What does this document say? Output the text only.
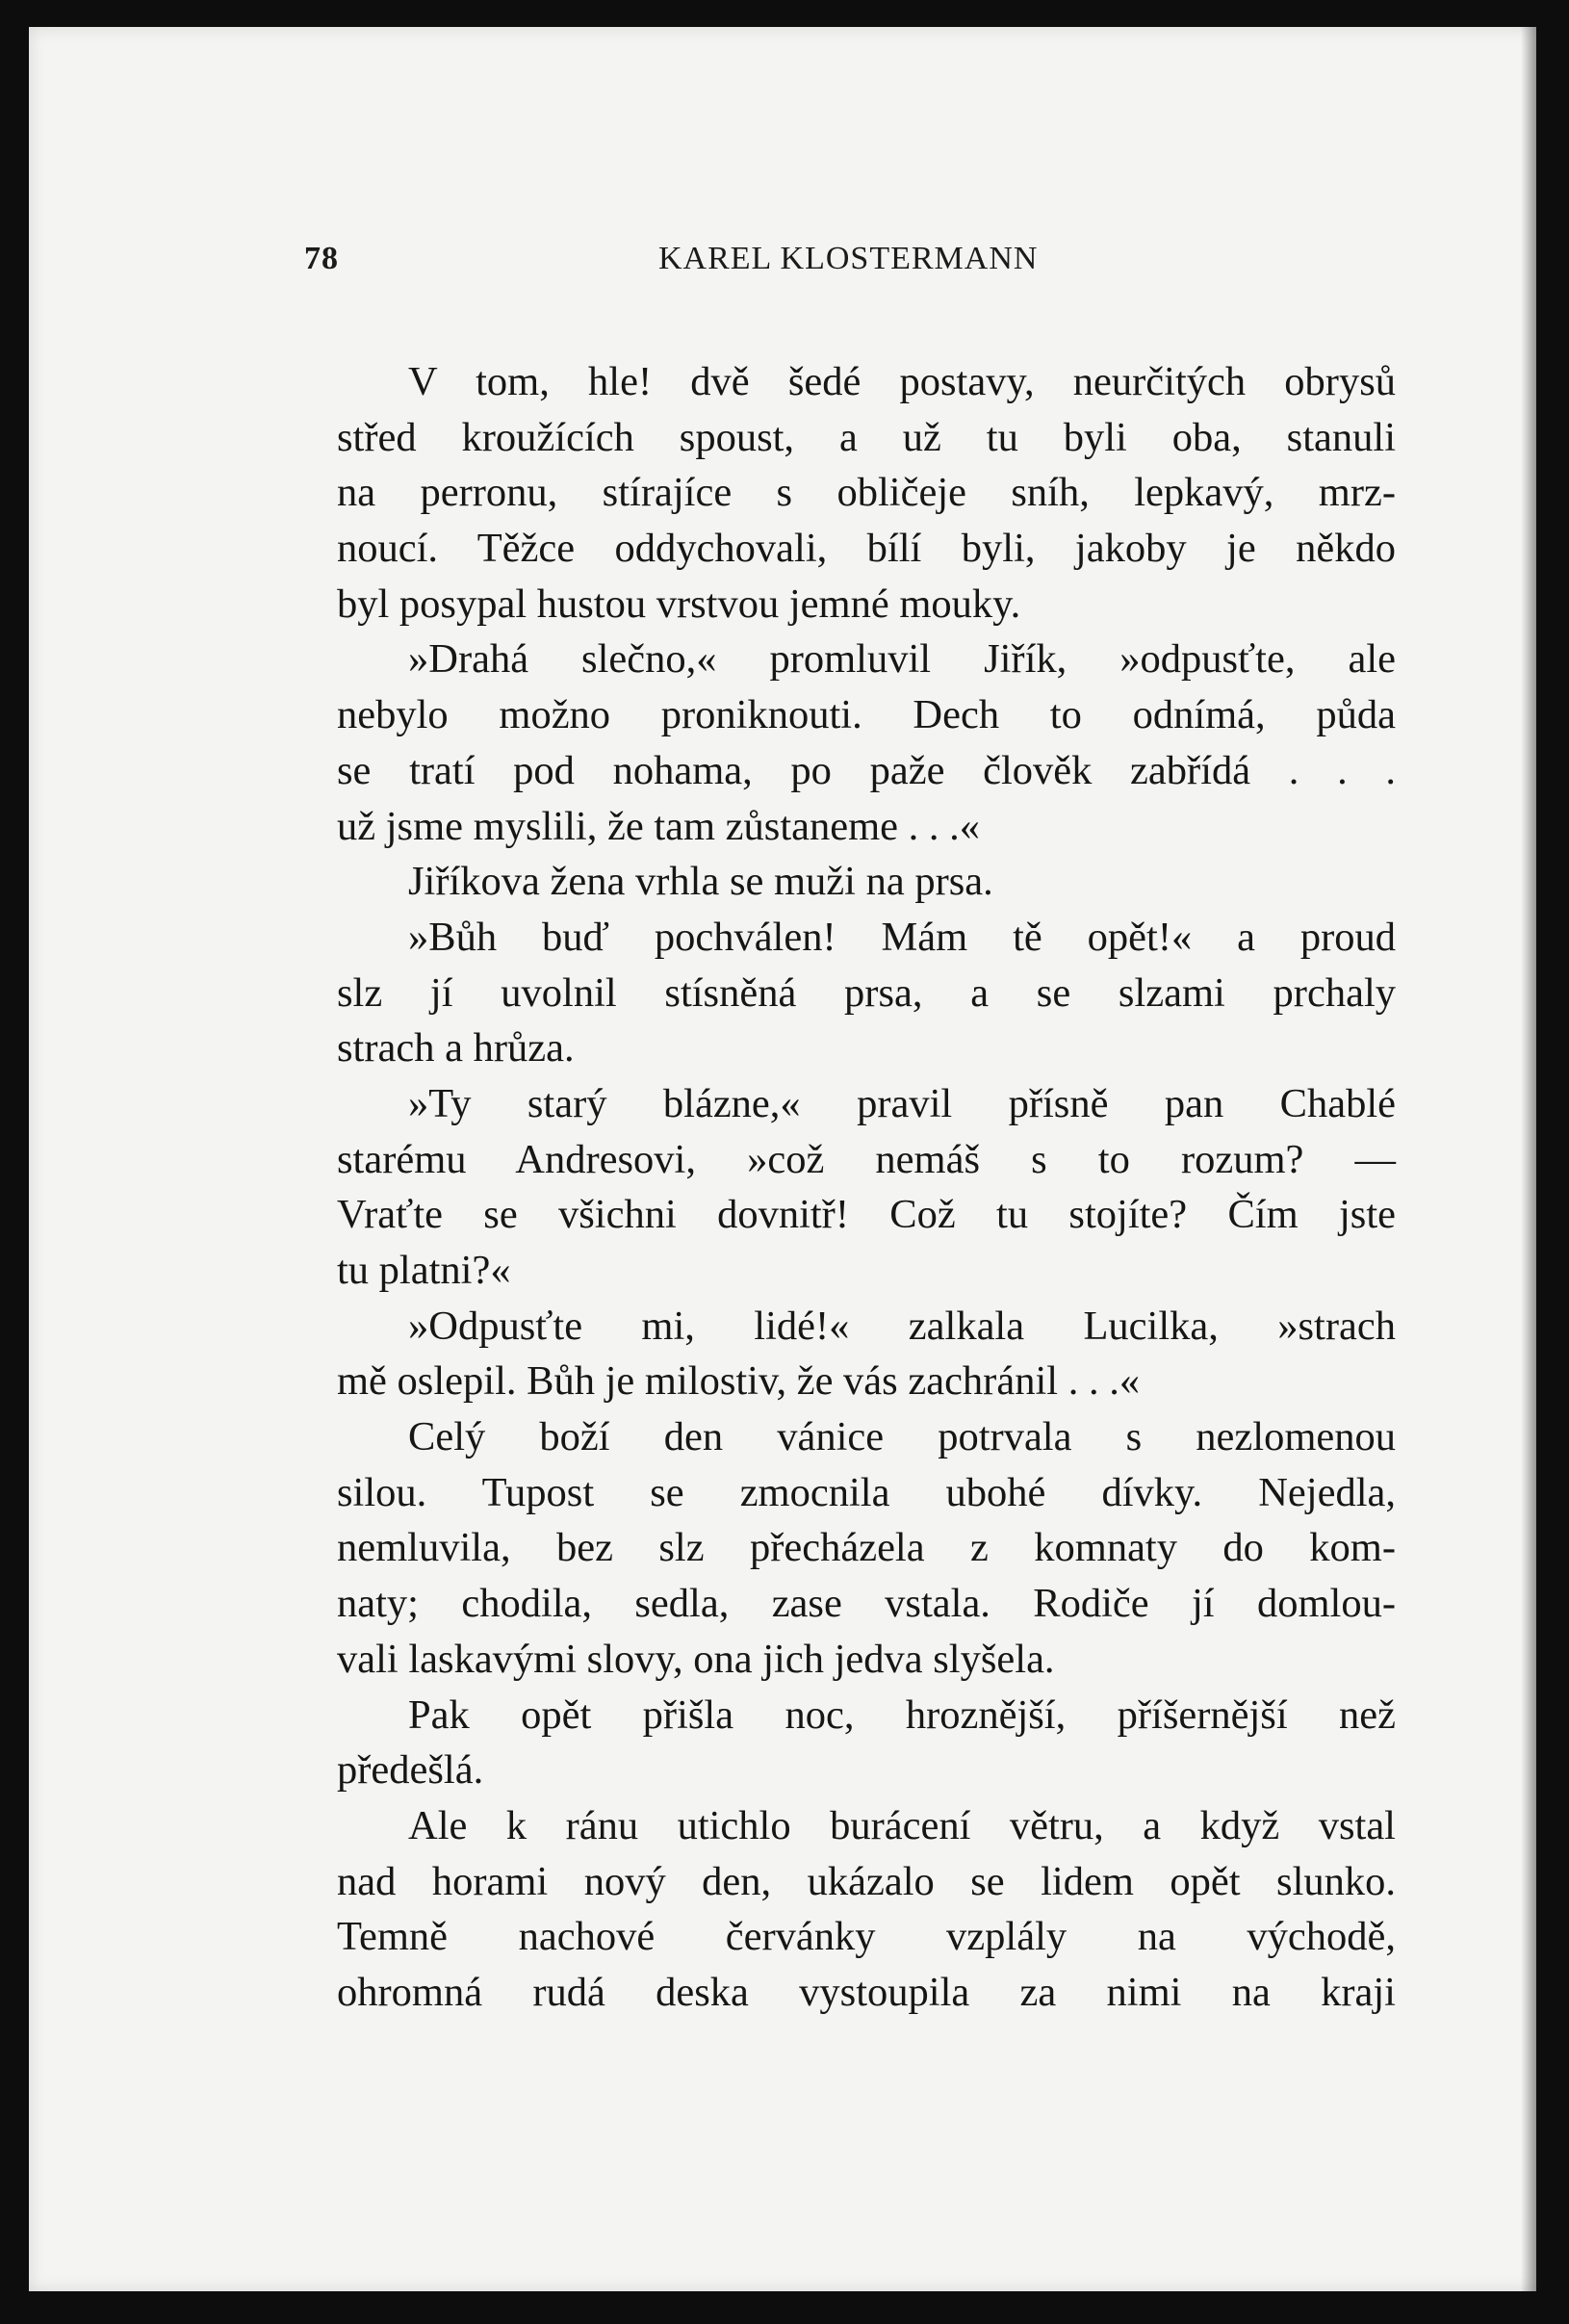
78	KAREL KLOSTERMANN
V tom, hle! dvě šedé postavy, neurčitých obrysů
střed kroužících spoust, a už tu byli oba, stanuli
na perronu, stírajíce s obličeje sníh, lepkavý, mrz-
noucí. Těžce oddychovali, bílí byli, jakoby je někdo
byl posypal hustou vrstvou jemné mouky.
»Drahá slečno,« promluvil Jiřík, »odpusťte, ale
nebylo možno proniknouti. Dech to odnímá, půda
se tratí pod nohama, po paže člověk zabřídá . . .
už jsme myslili, že tam zůstaneme . . .«
Jiříkova žena vrhla se muži na prsa.
»Bůh buď pochválen! Mám tě opět!« a proud
slz jí uvolnil stísněná prsa, a se slzami prchaly
strach a hrůza.
»Ty starý blázne,« pravil přísně pan Chablé
starému Andresovi, »což nemáš s to rozum? —
Vraťte se všichni dovnitř! Což tu stojíte? Čím jste
tu platni?«
»Odpusťte mi, lidé!« zalkala Lucilka, »strach
mě oslepil. Bůh je milostiv, že vás zachránil . . .«
Celý boží den vánice potrvala s nezlomenou
silou. Tupost se zmocnila ubohé dívky. Nejedla,
nemluvila, bez slz přecházela z komnaty do kom-
naty; chodila, sedla, zase vstala. Rodiče jí domlou-
vali laskavými slovy, ona jich jedva slyšela.
Pak opět přišla noc, hroznější, příšernější než
předešlá.
Ale k ránu utichlo burácení větru, a když vstal
nad horami nový den, ukázalo se lidem opět slunko.
Temně nachové červánky vzplály na východě,
ohromná rudá deska vystoupila za nimi na kraji
